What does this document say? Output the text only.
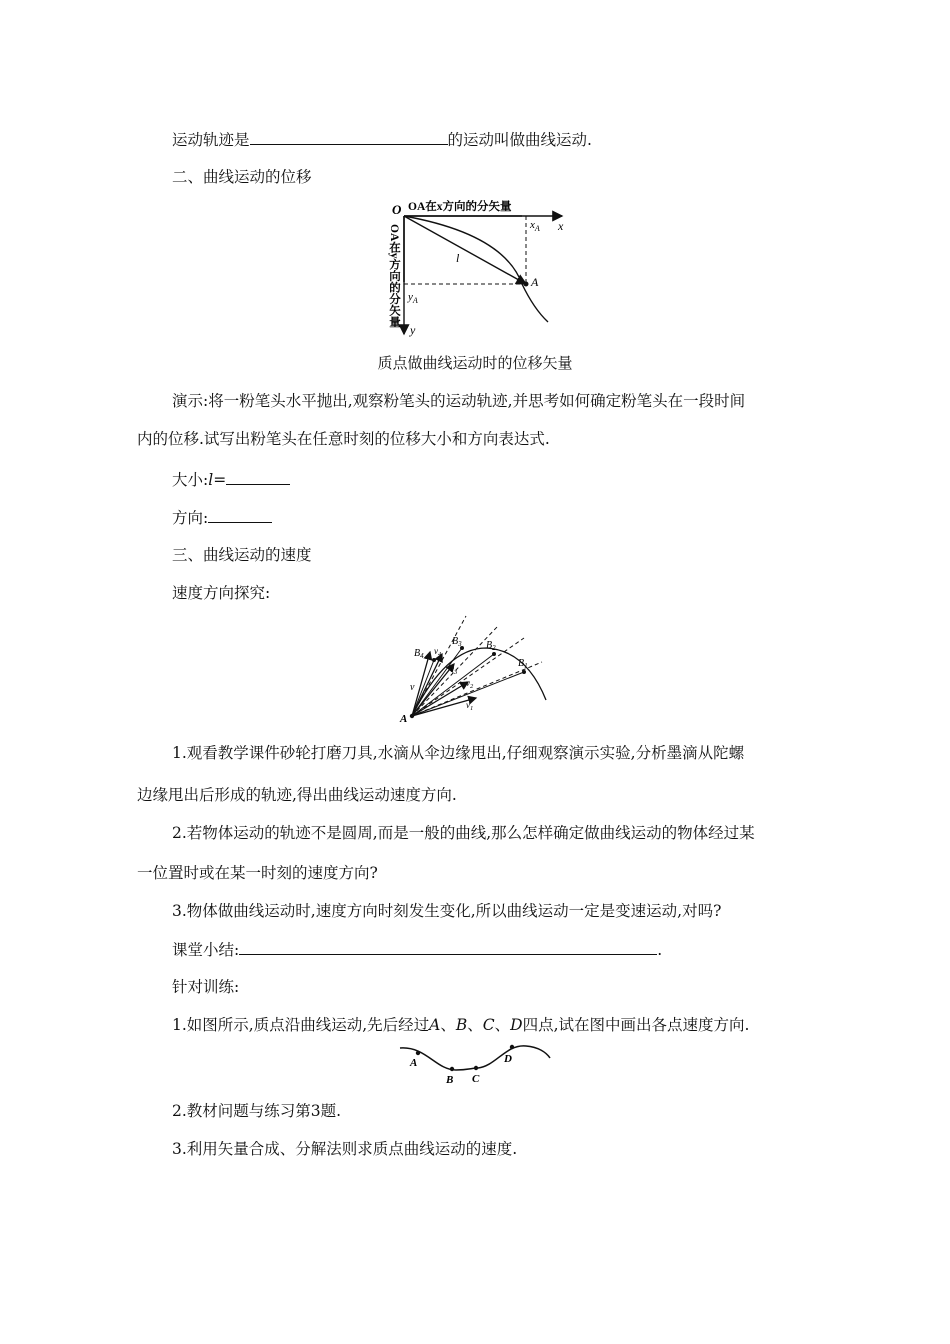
运动轨迹是	的运动叫做曲线运动.
二、曲线运动的位移
O OA在x方向的分矢量
x
$x_A$
$y_A$
y
A
l
OA在y方向的分矢量
质点做曲线运动时的位移矢量
演示:将一粉笔头水平抛出,观察粉笔头的运动轨迹,并思考如何确定粉笔头在一段时间
内的位移.试写出粉笔头在任意时刻的位移大小和方向表达式.
大小:l=
方向:
三、曲线运动的速度
速度方向探究:
A
$B_4$
$B_3$ $B_2$
$B_1$
v
$v_4$
$v_3$
$v_2$
$v_1$
1.观看教学课件砂轮打磨刀具,水滴从伞边缘甩出,仔细观察演示实验,分析墨滴从陀螺
边缘甩出后形成的轨迹,得出曲线运动速度方向.
2.若物体运动的轨迹不是圆周,而是一般的曲线,那么怎样确定做曲线运动的物体经过某
一位置时或在某一时刻的速度方向?
3.物体做曲线运动时,速度方向时刻发生变化,所以曲线运动一定是变速运动,对吗?
课堂小结:	.
针对训练:
1.如图所示,质点沿曲线运动,先后经过A、B、C、D四点,试在图中画出各点速度方向.
A
B C
D
2.教材问题与练习第3题.
3.利用矢量合成、分解法则求质点曲线运动的速度.
